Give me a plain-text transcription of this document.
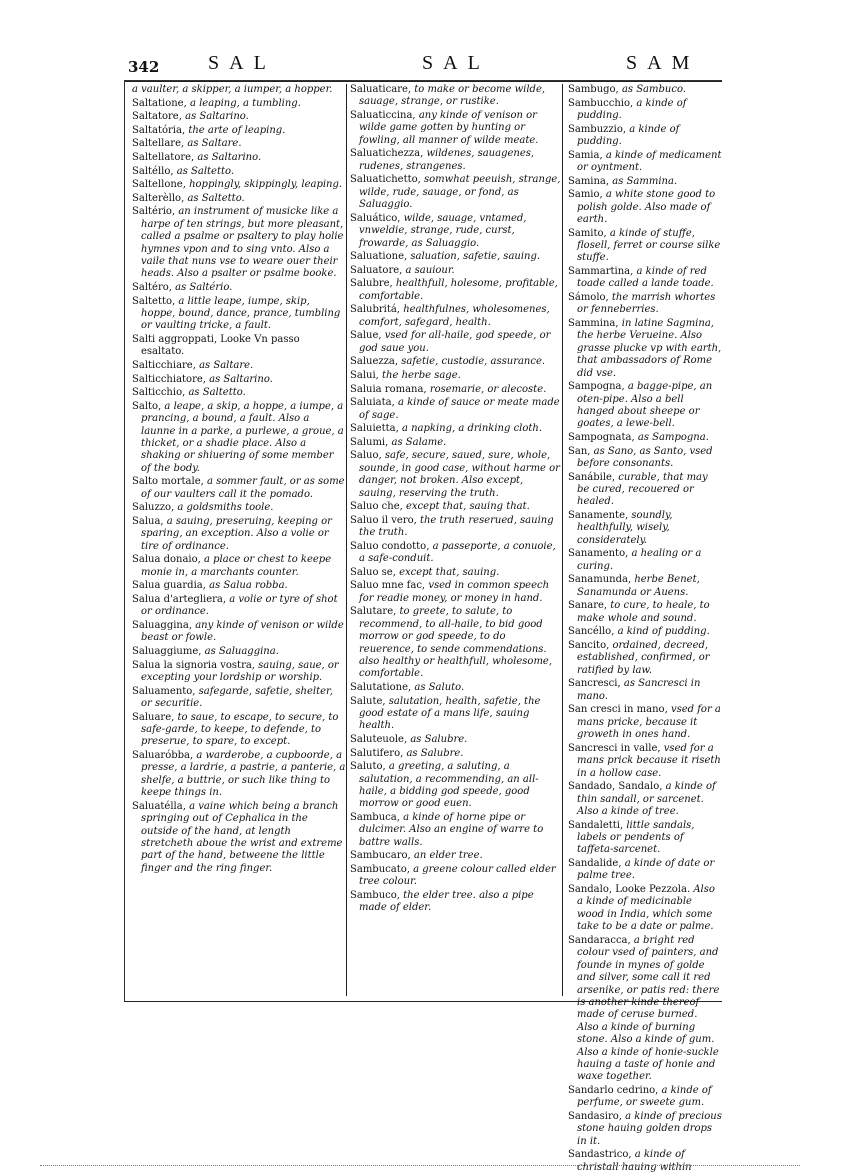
342 SAL	SAL	SAM

a vaulter, a skipper, a iumper, a hopper.

Saltatione, a leaping, a tumbling.

Saltatore, as Saltarino.

Saltatória, the arte of leaping.

Saltellare, as Saltare.

Saltellatore, as Saltarino.

Saltéllo, as Saltetto.

Saltellone, hoppingly, skippingly, leaping.

Salterèllo, as Saltetto.

Saltério, an instrument of musicke like a harpe of ten strings, but more pleasant, called a psalme or psaltery to play holie hymnes vpon and to sing vnto. Also a vaile that nuns vse to weare ouer their heads. Also a psalter or psalme booke.

Saltéro, as Saltério.

Saltetto, a little leape, iumpe, skip, hoppe, bound, dance, prance, tumbling or vaulting tricke, a fault.

Salti aggroppati, Looke Vn passo esaltato.

Salticchiare, as Saltare.

Salticchiatore, as Saltarino.

Salticchio, as Saltetto.

Salto, a leape, a skip, a hoppe, a iumpe, a prancing, a bound, a fault. Also a launne in a parke, a purlewe, a groue, a thicket, or a shadie place. Also a shaking or shiuering of some member of the body.

Salto mortale, a sommer fault, or as some of our vaulters call it the pomado.

Saluzzo, a goldsmiths toole.

Salua, a sauing, preseruing, keeping or sparing, an exception. Also a volie or tire of ordinance.

Salua donaio, a place or chest to keepe monie in, a marchants counter.

Salua guardia, as Salua robba.

Salua d'artegliera, a volie or tyre of shot or ordinance.

Saluaggina, any kinde of venison or wilde beast or fowle.

Saluaggiume, as Saluaggina.

Salua la signoria vostra, sauing, saue, or excepting your lordship or worship.

Saluamento, safegarde, safetie, shelter, or securitie.

Saluare, to saue, to escape, to secure, to safe-garde, to keepe, to defende, to preserue, to spare, to except.

Saluaróbba, a warderobe, a cupboorde, a presse, a lardrie, a pastrie, a panterie, a shelfe, a buttrie, or such like thing to keepe things in.

Saluatélla, a vaine which being a branch springing out of Cephalica in the outside of the hand, at length stretcheth aboue the wrist and extreme part of the hand, betweene the little finger and the ring finger.

Saluaticare, to make or become wilde, sauage, strange, or rustike.

Saluaticcina, any kinde of venison or wilde game gotten by hunting or fowling, all manner of wilde meate.

Saluatichezza, wildenes, sauagenes, rudenes, strangenes.

Saluatichetto, somwhat peeuish, strange, wilde, rude, sauage, or fond, as Saluaggio.

Saluático, wilde, sauage, vntamed, vnweldie, strange, rude, curst, frowarde, as Saluaggio.

Saluatione, saluation, safetie, sauing.

Saluatore, a sauiour.

Salubre, healthfull, holesome, profitable, comfortable.

Salubritá, healthfulnes, wholesomenes, comfort, safegard, health.

Salue, vsed for all-haile, god speede, or god saue you.

Saluezza, safetie, custodie, assurance.

Salui, the herbe sage.

Saluia romana, rosemarie, or alecoste.

Saluiata, a kinde of sauce or meate made of sage.

Saluietta, a napking, a drinking cloth.

Salumi, as Salame.

Saluo, safe, secure, saued, sure, whole, sounde, in good case, without harme or danger, not broken. Also except, sauing, reserving the truth.

Saluo che, except that, sauing that.

Saluo il vero, the truth reserued, sauing the truth.

Saluo condotto, a passeporte, a conuoie, a safe-conduit.

Saluo se, except that, sauing.

Saluo mne fac, vsed in common speech for readie money, or money in hand.

Salutare, to greete, to salute, to recommend, to all-haile, to bid good morrow or god speede, to do reuerence, to sende commendations. also healthy or healthfull, wholesome, comfortable.

Salutatione, as Saluto.

Salute, salutation, health, safetie, the good estate of a mans life, sauing health.

Saluteuole, as Salubre.

Salutifero, as Salubre.

Saluto, a greeting, a saluting, a salutation, a recommending, an all-haile, a bidding god speede, good morrow or good euen.

Sambuca, a kinde of horne pipe or dulcimer. Also an engine of warre to battre walls.

Sambucaro, an elder tree.

Sambucato, a greene colour called elder tree colour.

Sambuco, the elder tree. also a pipe made of elder.

Sambugo, as Sambuco.

Sambucchio, a kinde of pudding.

Sambuzzio, a kinde of pudding.

Samia, a kinde of medicament or oyntment.

Samina, as Sammina.

Samio, a white stone good to polish golde. Also made of earth.

Samito, a kinde of stuffe, flosell, ferret or course silke stuffe.

Sammartina, a kinde of red toade called a lande toade.

Sámolo, the marrish whortes or fenneberries.

Sammina, in latine Sagmina, the herbe Verueine. Also grasse plucke vp with earth, that ambassadors of Rome did vse.

Sampogna, a bagge-pipe, an oten-pipe. Also a bell hanged about sheepe or goates, a lewe-bell.

Sampognata, as Sampogna.

San, as Sano, as Santo, vsed before consonants.

Sanábile, curable, that may be cured, recouered or healed.

Sanamente, soundly, healthfully, wisely, considerately.

Sanamento, a healing or a curing.

Sanamunda, herbe Benet, Sanamunda or Auens.

Sanare, to cure, to heale, to make whole and sound.

Sancéllo, a kind of pudding.

Sancito, ordained, decreed, established, confirmed, or ratified by law.

Sancresci, as Sancresci in mano.

San cresci in mano, vsed for a mans pricke, because it groweth in ones hand.

Sancresci in valle, vsed for a mans prick because it riseth in a hollow case.

Sandado, Sandalo, a kinde of thin sandall, or sarcenet. Also a kinde of tree.

Sandaletti, little sandals, labels or pendents of taffeta-sarcenet.

Sandalide, a kinde of date or palme tree.

Sandalo, Looke Pezzola. Also a kinde of medicinable wood in India, which some take to be a date or palme.

Sandaracca, a bright red colour vsed of painters, and founde in mynes of golde and silver, some call it red arsenike, or patis red: there is another kinde thereof made of ceruse burned. Also a kinde of burning stone. Also a kinde of gum. Also a kinde of honie-suckle hauing a taste of honie and waxe together.

Sandarlo cedrino, a kinde of perfume, or sweete gum.

Sandasiro, a kinde of precious stone hauing golden drops in it.

Sandastrico, a kinde of christall hauing within
